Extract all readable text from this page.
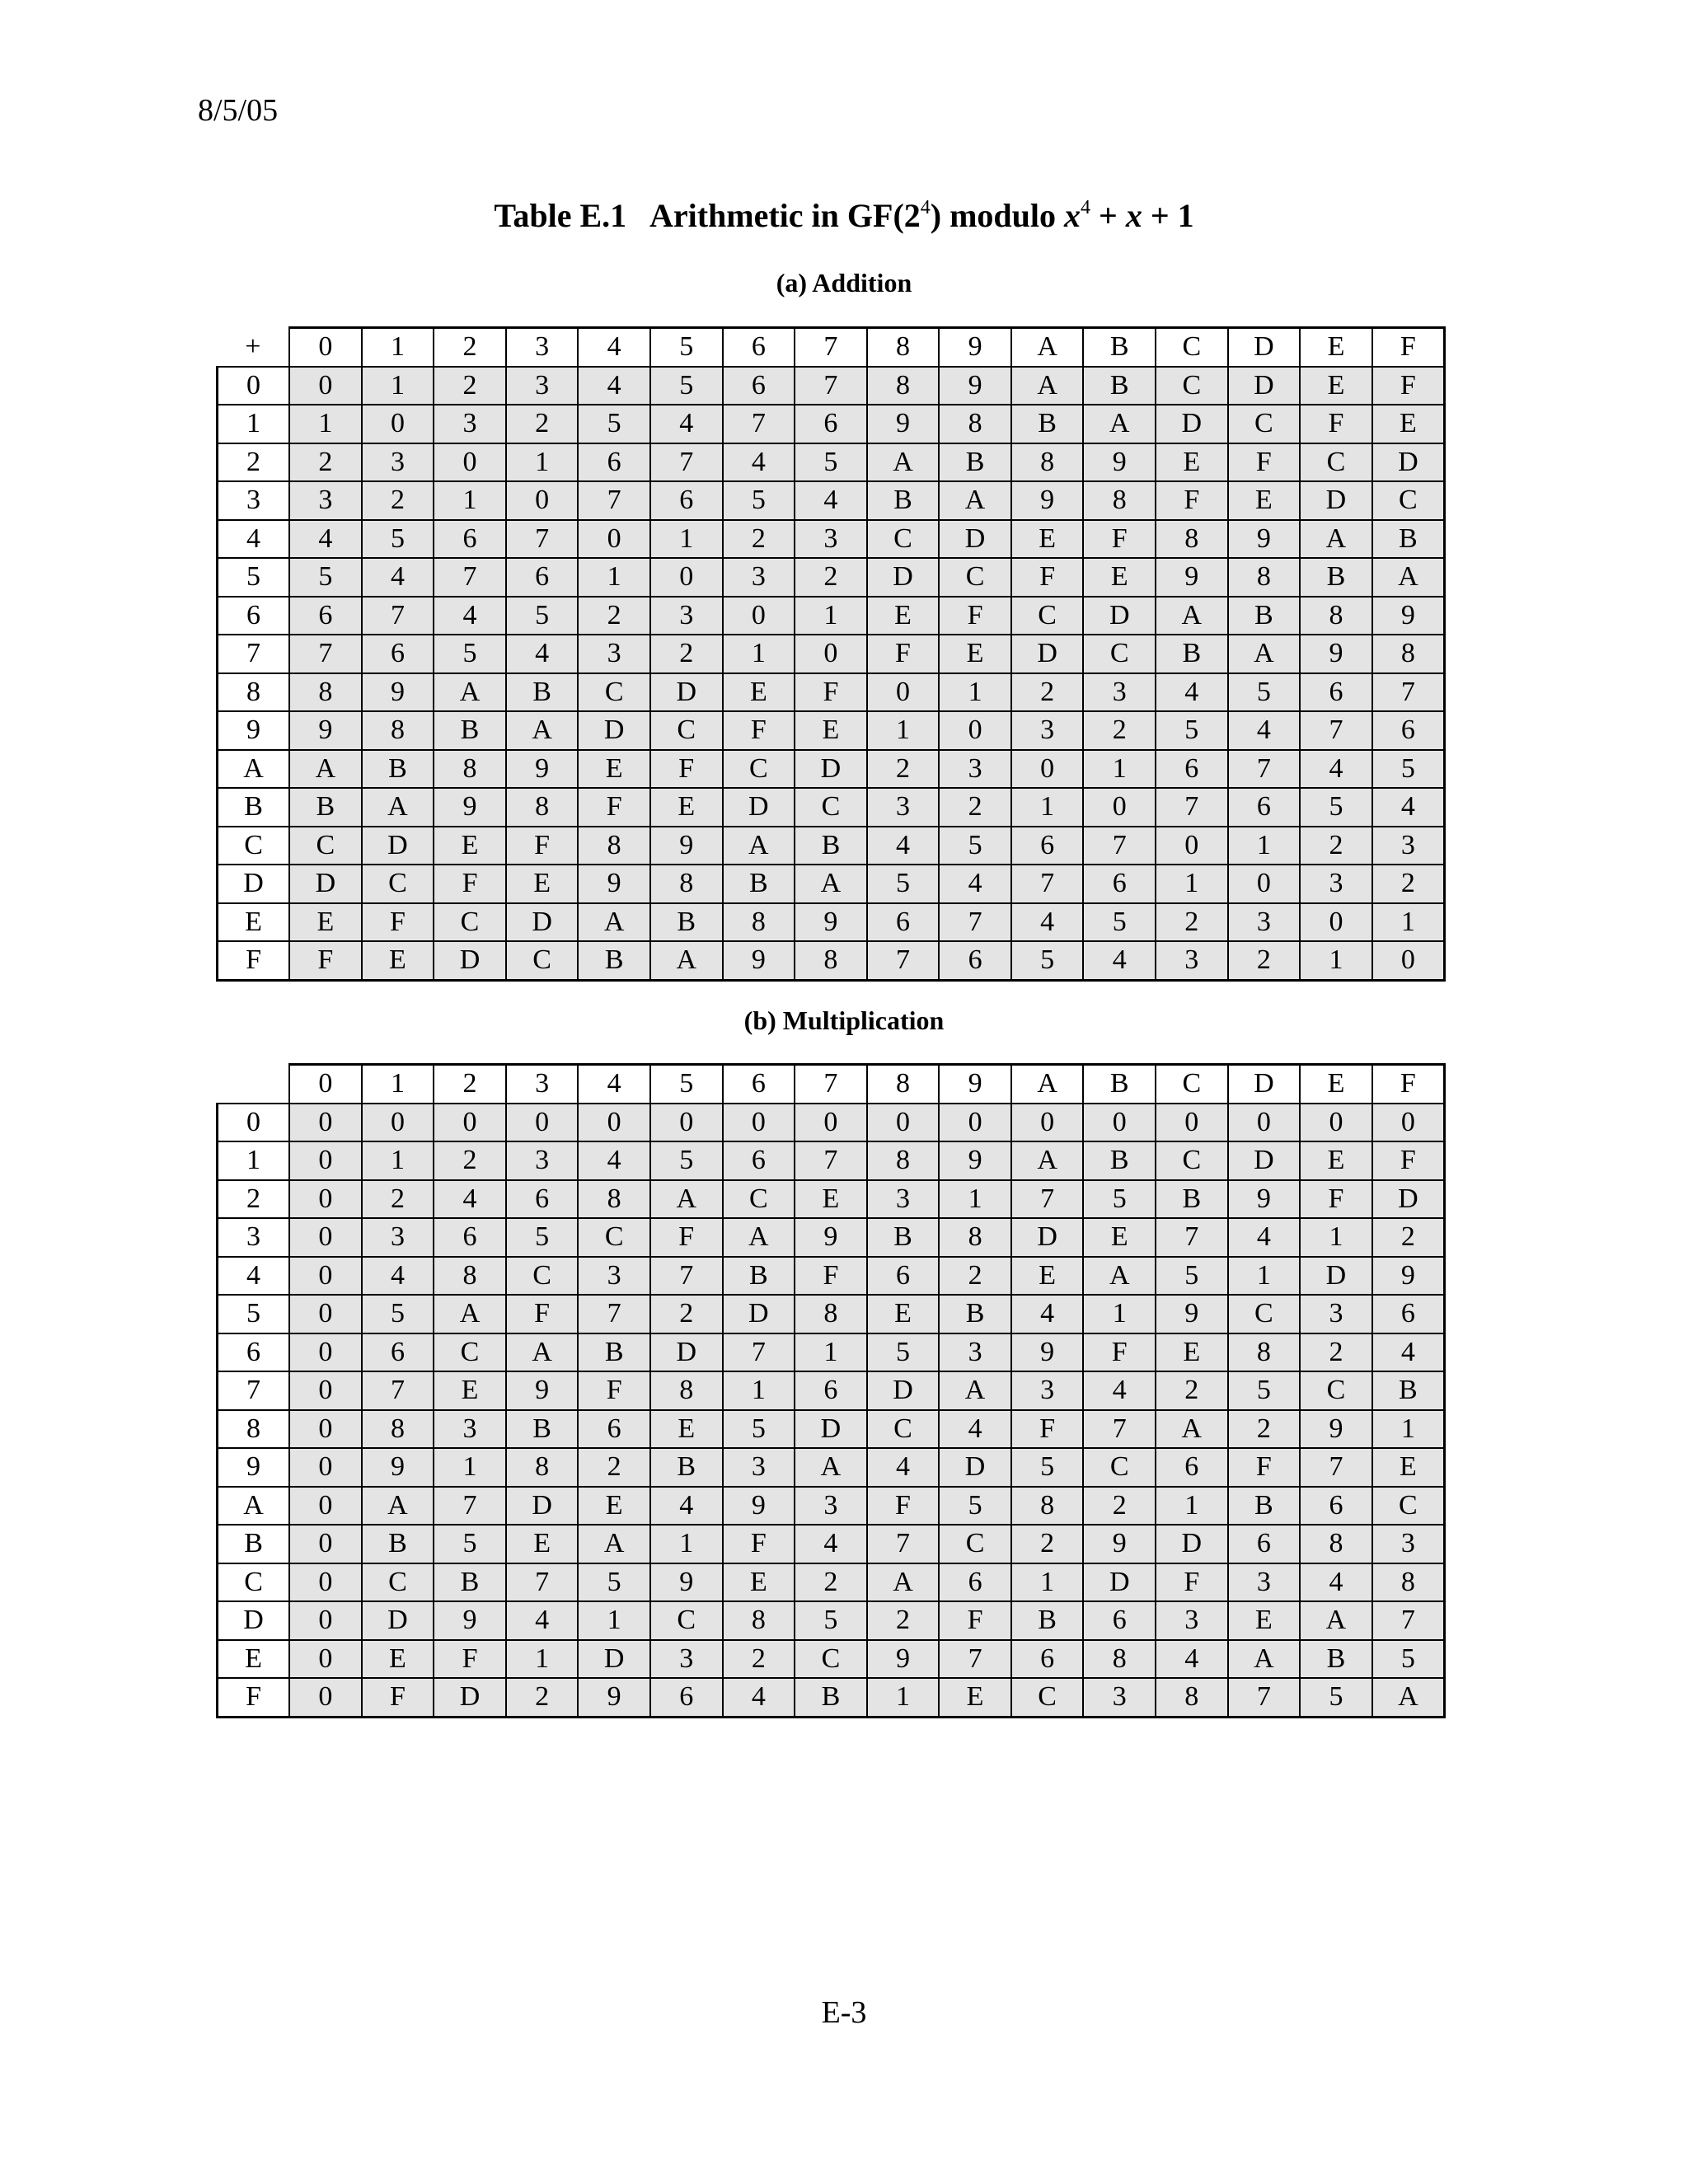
8/5/05
Table E.1   Arithmetic in $GF(2^4)$ modulo $x^4 + x + 1$
(a) Addition
+	0	1	2	3	4	5	6	7	8	9	A	B	C	D	E	F
0	0	1	2	3	4	5	6	7	8	9	A	B	C	D	E	F
1	1	0	3	2	5	4	7	6	9	8	B	A	D	C	F	E
2	2	3	0	1	6	7	4	5	A	B	8	9	E	F	C	D
3	3	2	1	0	7	6	5	4	B	A	9	8	F	E	D	C
4	4	5	6	7	0	1	2	3	C	D	E	F	8	9	A	B
5	5	4	7	6	1	0	3	2	D	C	F	E	9	8	B	A
6	6	7	4	5	2	3	0	1	E	F	C	D	A	B	8	9
7	7	6	5	4	3	2	1	0	F	E	D	C	B	A	9	8
8	8	9	A	B	C	D	E	F	0	1	2	3	4	5	6	7
9	9	8	B	A	D	C	F	E	1	0	3	2	5	4	7	6
A	A	B	8	9	E	F	C	D	2	3	0	1	6	7	4	5
B	B	A	9	8	F	E	D	C	3	2	1	0	7	6	5	4
C	C	D	E	F	8	9	A	B	4	5	6	7	0	1	2	3
D	D	C	F	E	9	8	B	A	5	4	7	6	1	0	3	2
E	E	F	C	D	A	B	8	9	6	7	4	5	2	3	0	1
F	F	E	D	C	B	A	9	8	7	6	5	4	3	2	1	0
(b) Multiplication
	0	1	2	3	4	5	6	7	8	9	A	B	C	D	E	F
0	0	0	0	0	0	0	0	0	0	0	0	0	0	0	0	0
1	0	1	2	3	4	5	6	7	8	9	A	B	C	D	E	F
2	0	2	4	6	8	A	C	E	3	1	7	5	B	9	F	D
3	0	3	6	5	C	F	A	9	B	8	D	E	7	4	1	2
4	0	4	8	C	3	7	B	F	6	2	E	A	5	1	D	9
5	0	5	A	F	7	2	D	8	E	B	4	1	9	C	3	6
6	0	6	C	A	B	D	7	1	5	3	9	F	E	8	2	4
7	0	7	E	9	F	8	1	6	D	A	3	4	2	5	C	B
8	0	8	3	B	6	E	5	D	C	4	F	7	A	2	9	1
9	0	9	1	8	2	B	3	A	4	D	5	C	6	F	7	E
A	0	A	7	D	E	4	9	3	F	5	8	2	1	B	6	C
B	0	B	5	E	A	1	F	4	7	C	2	9	D	6	8	3
C	0	C	B	7	5	9	E	2	A	6	1	D	F	3	4	8
D	0	D	9	4	1	C	8	5	2	F	B	6	3	E	A	7
E	0	E	F	1	D	3	2	C	9	7	6	8	4	A	B	5
F	0	F	D	2	9	6	4	B	1	E	C	3	8	7	5	A
E-3
